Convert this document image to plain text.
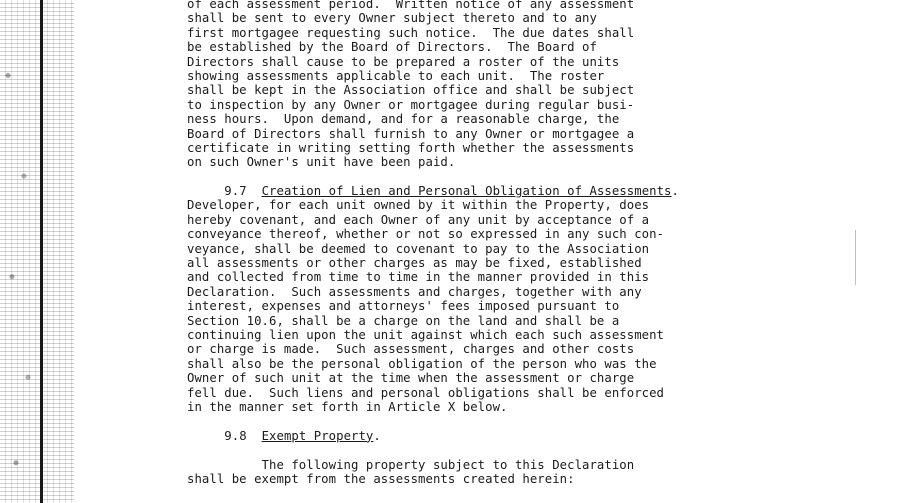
of each assessment period.  Written notice of any assessment
shall be sent to every Owner subject thereto and to any
first mortgagee requesting such notice.  The due dates shall
be established by the Board of Directors.  The Board of
Directors shall cause to be prepared a roster of the units
showing assessments applicable to each unit.  The roster
shall be kept in the Association office and shall be subject
to inspection by any Owner or mortgagee during regular busi-
ness hours.  Upon demand, and for a reasonable charge, the
Board of Directors shall furnish to any Owner or mortgagee a
certificate in writing setting forth whether the assessments
on such Owner's unit have been paid.
9.7 Creation of Lien and Personal Obligation of Assessments.
Developer, for each unit owned by it within the Property, does
hereby covenant, and each Owner of any unit by acceptance of a
conveyance thereof, whether or not so expressed in any such con-
veyance, shall be deemed to covenant to pay to the Association
all assessments or other charges as may be fixed, established
and collected from time to time in the manner provided in this
Declaration.  Such assessments and charges, together with any
interest, expenses and attorneys' fees imposed pursuant to
Section 10.6, shall be a charge on the land and shall be a
continuing lien upon the unit against which each such assessment
or charge is made.  Such assessment, charges and other costs
shall also be the personal obligation of the person who was the
Owner of such unit at the time when the assessment or charge
fell due.  Such liens and personal obligations shall be enforced
in the manner set forth in Article X below.
9.8 Exempt Property.
The following property subject to this Declaration
shall be exempt from the assessments created herein:
